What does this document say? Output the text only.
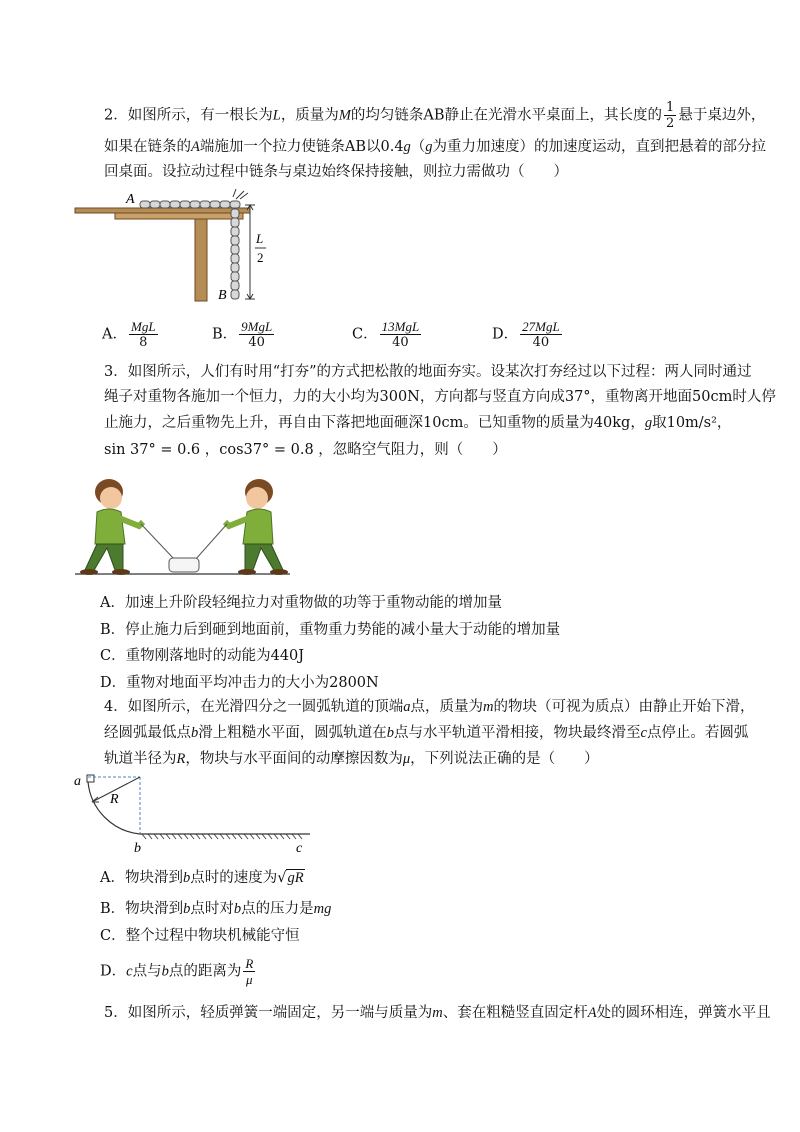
2．如图所示，有一根长为L，质量为M的均匀链条AB静止在光滑水平桌面上，其长度的 $\frac{1}{2}$ 悬于桌边外，
如果在链条的A端施加一个拉力使链条AB以0.4g（g为重力加速度）的加速度运动，直到把悬着的部分拉
回桌面。设拉动过程中链条与桌边始终保持接触，则拉力需做功（　　）
A
B
L
2
A． $\frac{\text{MgL}}{8}$	B． $\frac{\text{9MgL}}{40}$	C． $\frac{\text{13MgL}}{40}$	D． $\frac{\text{27MgL}}{40}$
3．如图所示，人们有时用“打夯”的方式把松散的地面夯实。设某次打夯经过以下过程：两人同时通过
绳子对重物各施加一个恒力，力的大小均为300N，方向都与竖直方向成37°，重物离开地面50cm时人停
止施力，之后重物先上升，再自由下落把地面砸深10cm。已知重物的质量为40kg，g取10m/s²，
sin 37° = 0.6 ，cos37° = 0.8 ，忽略空气阻力，则（　　）
A．加速上升阶段轻绳拉力对重物做的功等于重物动能的增加量
B．停止施力后到砸到地面前，重物重力势能的减小量大于动能的增加量
C．重物刚落地时的动能为440J
D．重物对地面平均冲击力的大小为2800N
4．如图所示，在光滑四分之一圆弧轨道的顶端a点，质量为m的物块（可视为质点）由静止开始下滑，
经圆弧最低点b滑上粗糙水平面，圆弧轨道在b点与水平轨道平滑相接，物块最终滑至c点停止。若圆弧
轨道半径为R，物块与水平面间的动摩擦因数为μ，下列说法正确的是（　　）
a
R
b	c
A．物块滑到b点时的速度为√gR
B．物块滑到b点时对b点的压力是mg
C．整个过程中物块机械能守恒
D．c点与b点的距离为 $\frac{R}{\mu}$
5．如图所示，轻质弹簧一端固定，另一端与质量为m、套在粗糙竖直固定杆A处的圆环相连，弹簧水平且
